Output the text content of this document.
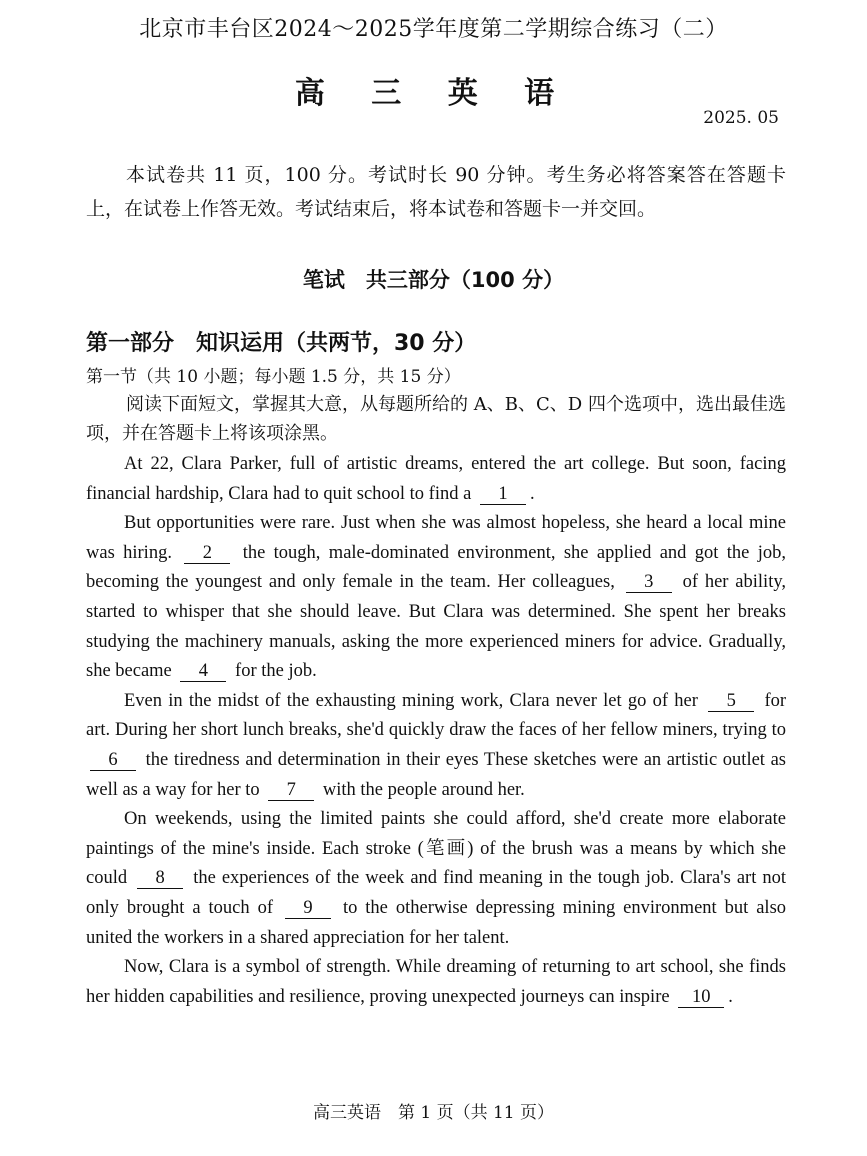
北京市丰台区2024～2025学年度第二学期综合练习（二）
高 三 英 语
2025. 05
本试卷共 11 页，100 分。考试时长 90 分钟。考生务必将答案答在答题卡上，在试卷上作答无效。考试结束后，将本试卷和答题卡一并交回。
笔试　共三部分（100 分）
第一部分　知识运用（共两节，30 分）
第一节（共 10 小题；每小题 1.5 分，共 15 分）
阅读下面短文，掌握其大意，从每题所给的 A、B、C、D 四个选项中，选出最佳选项，并在答题卡上将该项涂黑。

At 22, Clara Parker, full of artistic dreams, entered the art college. But soon, facing financial hardship, Clara had to quit school to find a 1 .

But opportunities were rare. Just when she was almost hopeless, she heard a local mine was hiring. 2 the tough, male-dominated environment, she applied and got the job, becoming the youngest and only female in the team. Her colleagues, 3 of her ability, started to whisper that she should leave. But Clara was determined. She spent her breaks studying the machinery manuals, asking the more experienced miners for advice. Gradually, she became 4 for the job.

Even in the midst of the exhausting mining work, Clara never let go of her 5 for art. During her short lunch breaks, she'd quickly draw the faces of her fellow miners, trying to 6 the tiredness and determination in their eyes These sketches were an artistic outlet as well as a way for her to 7 with the people around her.

On weekends, using the limited paints she could afford, she'd create more elaborate paintings of the mine's inside. Each stroke (笔画) of the brush was a means by which she could 8 the experiences of the week and find meaning in the tough job. Clara's art not only brought a touch of 9 to the otherwise depressing mining environment but also united the workers in a shared appreciation for her talent.

Now, Clara is a symbol of strength. While dreaming of returning to art school, she finds her hidden capabilities and resilience, proving unexpected journeys can inspire 10 .

高三英语　第 1 页（共 11 页）
